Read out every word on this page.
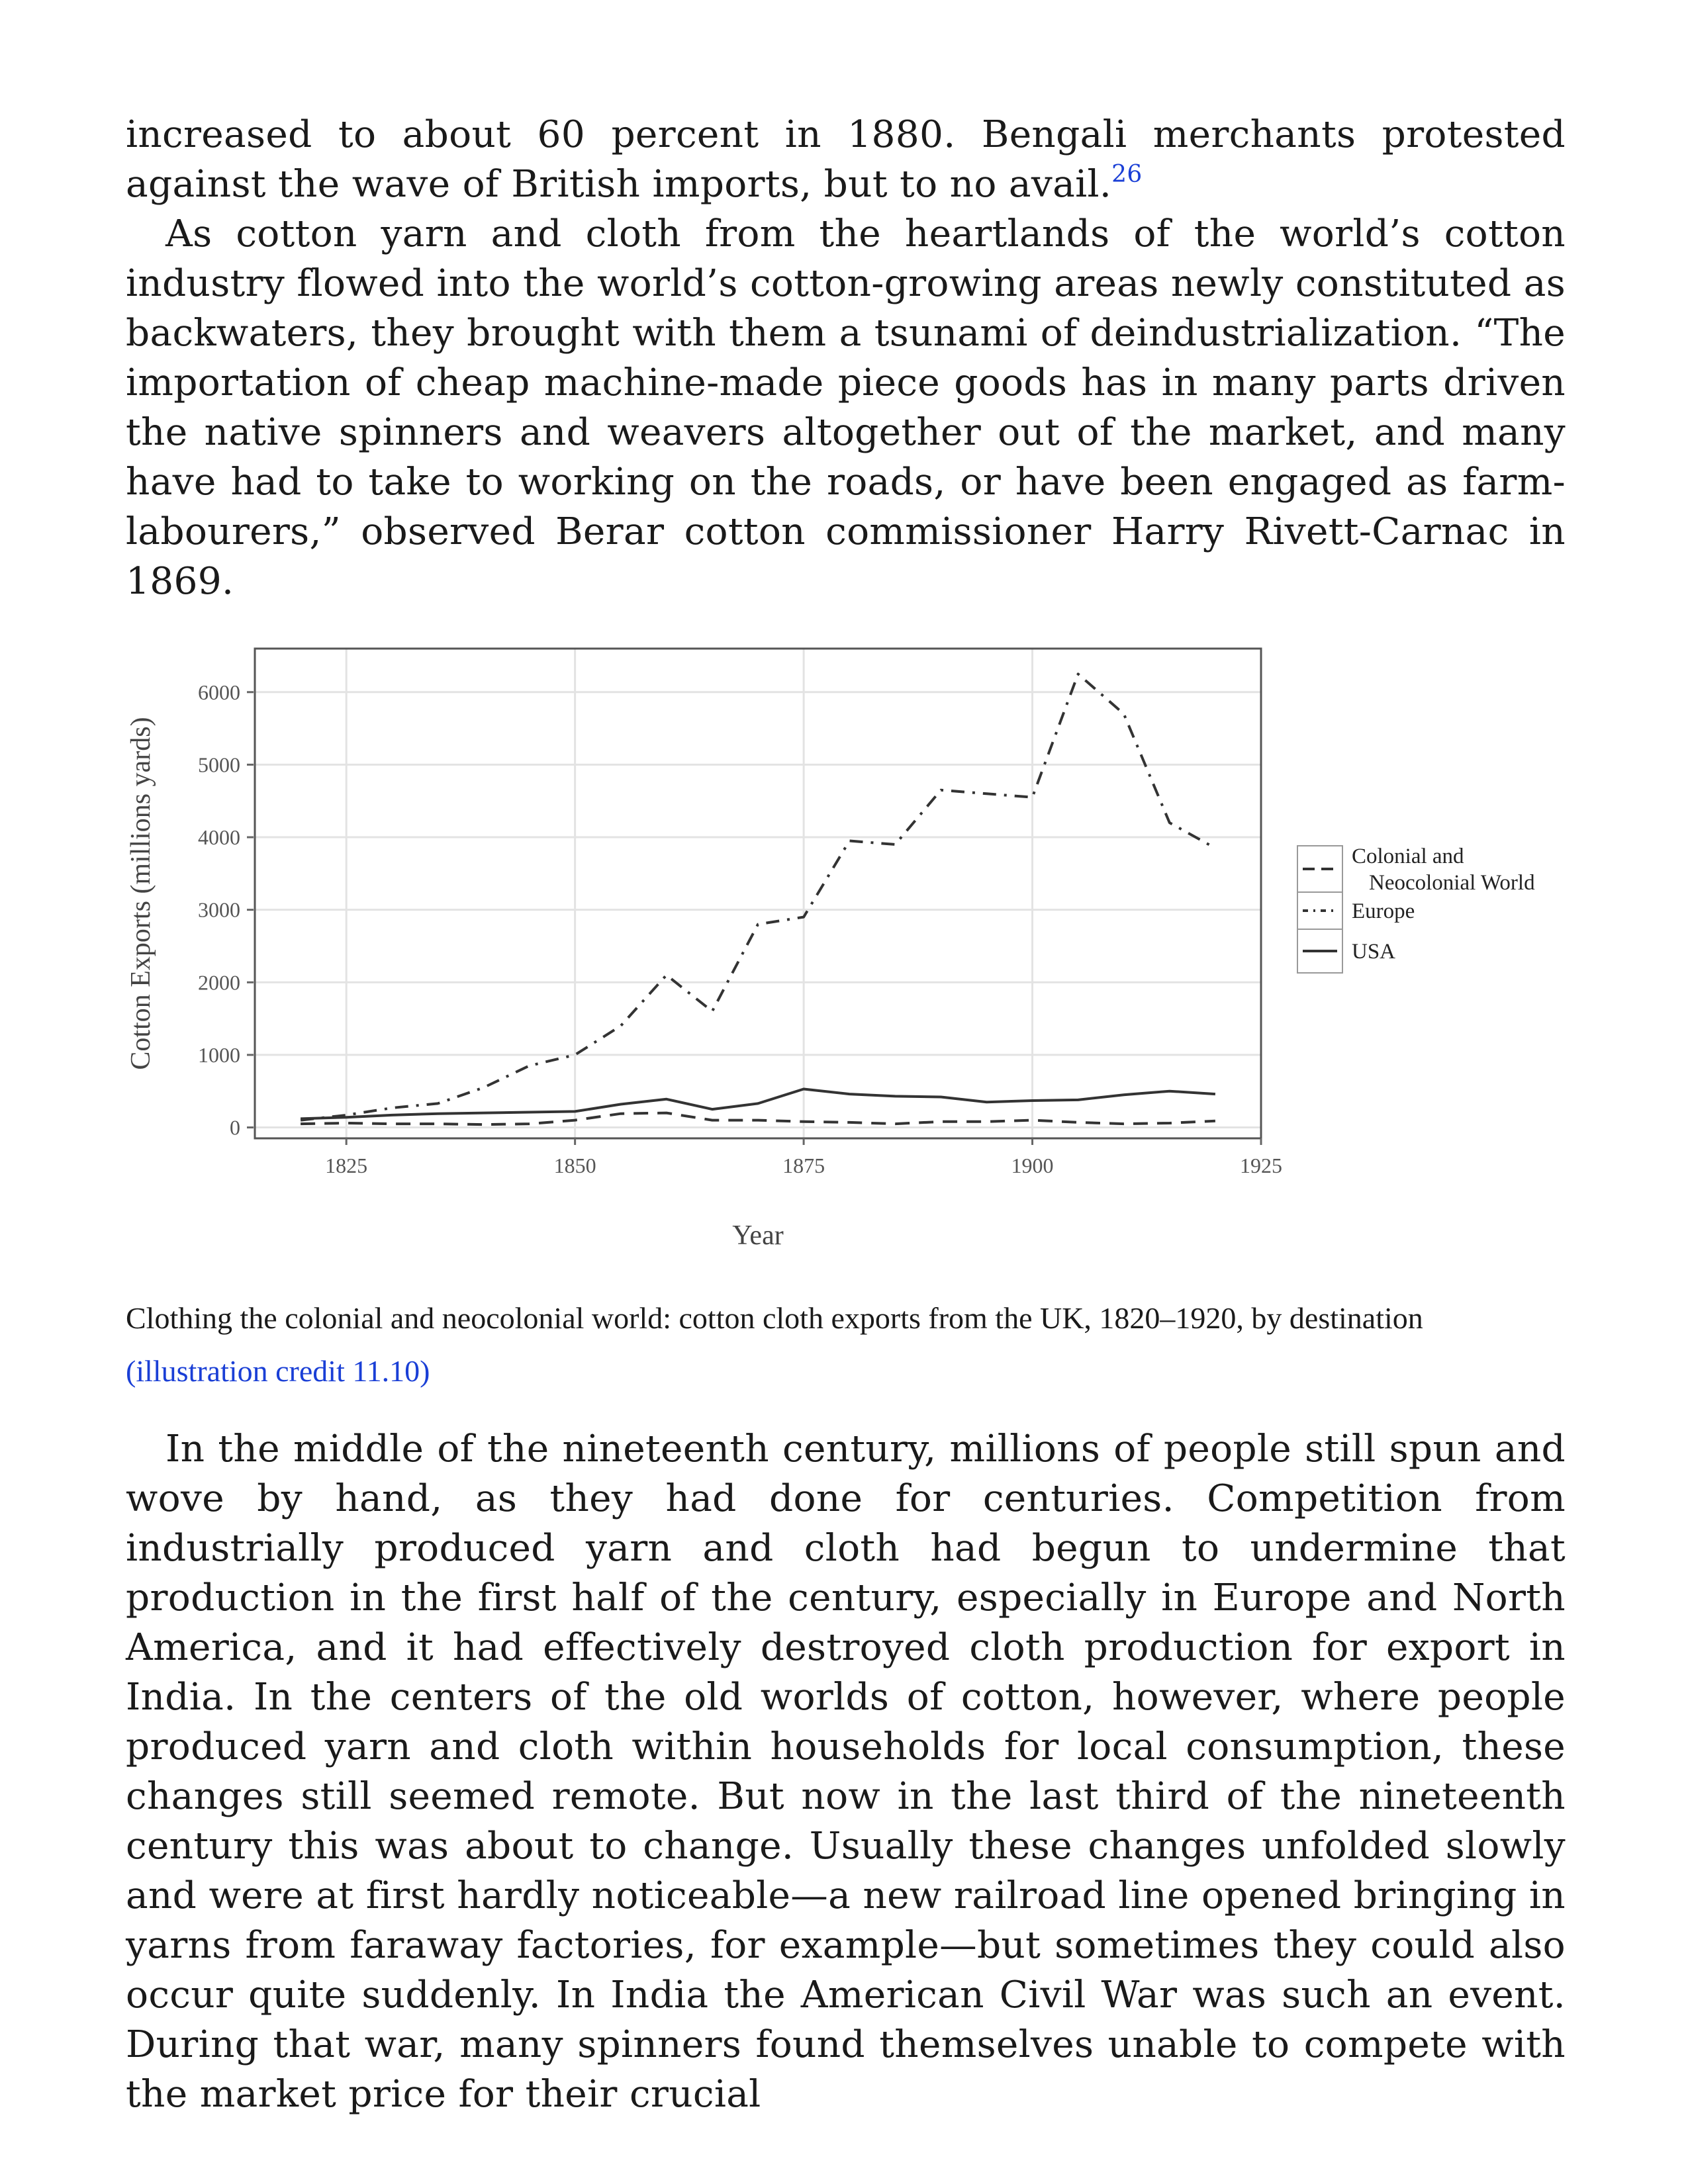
increased to about 60 percent in 1880. Bengali merchants protested against the wave of British imports, but to no avail.$^{26}$

As cotton yarn and cloth from the heartlands of the world’s cotton industry flowed into the world’s cotton-growing areas newly constituted as backwaters, they brought with them a tsunami of deindustrialization. “The importation of cheap machine-made piece goods has in many parts driven the native spinners and weavers altogether out of the market, and many have had to take to working on the roads, or have been engaged as farm-labourers,” observed Berar cotton commissioner Harry Rivett-Carnac in 1869.

1825	1850	1875	1900	1925
0
1000
2000
3000
4000
5000
6000
Cotton Exports (millions yards)
Year
Colonial and
Neocolonial World
Europe
USA
Clothing the colonial and neocolonial world: cotton cloth exports from the UK, 1820–1920, by destination
(illustration credit 11.10)

In the middle of the nineteenth century, millions of people still spun and wove by hand, as they had done for centuries. Competition from industrially produced yarn and cloth had begun to undermine that production in the first half of the century, especially in Europe and North America, and it had effectively destroyed cloth production for export in India. In the centers of the old worlds of cotton, however, where people produced yarn and cloth within households for local consumption, these changes still seemed remote. But now in the last third of the nineteenth century this was about to change. Usually these changes unfolded slowly and were at first hardly noticeable—a new railroad line opened bringing in yarns from faraway factories, for example—but sometimes they could also occur quite suddenly. In India the American Civil War was such an event. During that war, many spinners found themselves unable to compete with the market price for their crucial
